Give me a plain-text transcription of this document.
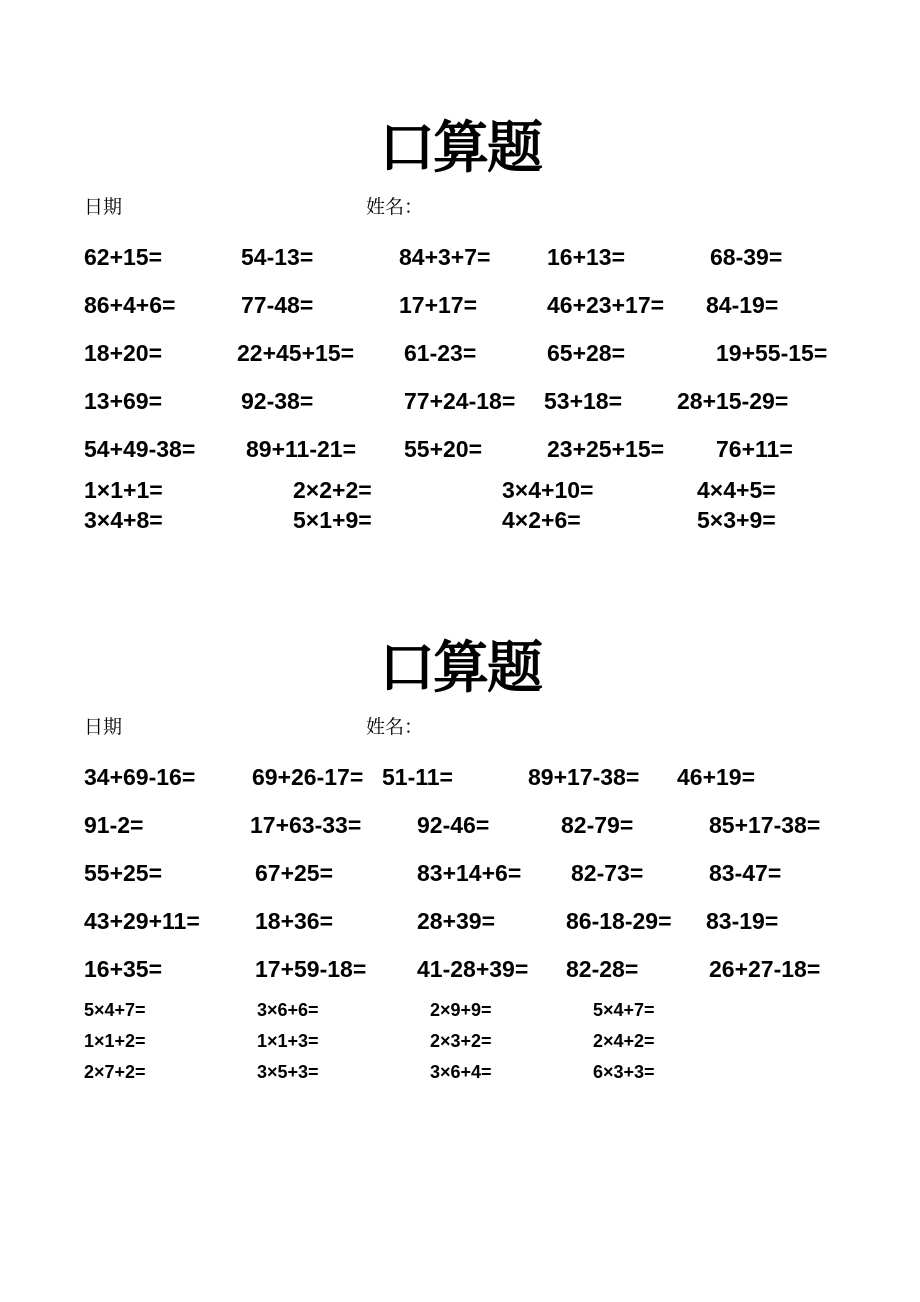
口算题
日期	姓名：
62+15=	54-13=	84+3+7= 16+13=	68-39=
86+4+6=	77-48=	17+17=	46+23+17= 84-19=
18+20=	22+45+15= 61-23=	65+28=	19+55-15=
13+69=	92-38=	77+24-18= 53+18= 28+15-29=
54+49-38= 89+11-21= 55+20=	23+25+15= 76+11=
1×1+1=	2×2+2=	3×4+10=	4×4+5=
3×4+8=	5×1+9=	4×2+6=	5×3+9=
口算题
日期	姓名：
34+69-16= 69+26-17= 51-11=	89+17-38= 46+19=
91-2=	17+63-33= 92-46=	82-79=	85+17-38=
55+25=	67+25=	83+14+6= 82-73=	83-47=
43+29+11= 18+36=	28+39=	86-18-29= 83-19=
16+35=	17+59-18= 41-28+39= 82-28=	26+27-18=
5×4+7=	3×6+6=	2×9+9=	5×4+7=
1×1+2=	1×1+3=	2×3+2=	2×4+2=
2×7+2=	3×5+3=	3×6+4=	6×3+3=
